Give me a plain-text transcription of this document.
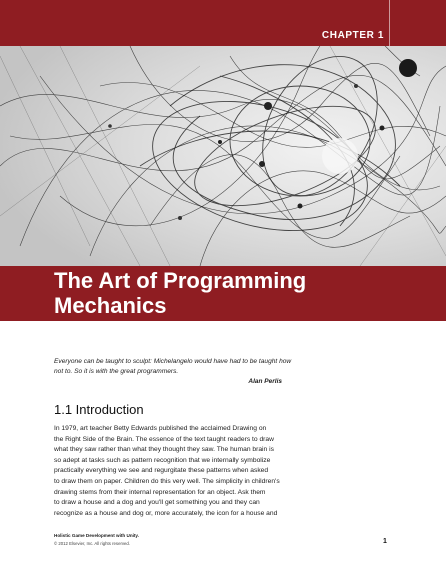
CHAPTER 1
The Art of Programming
Mechanics

Everyone can be taught to sculpt: Michelangelo would have had to be taught how
not to. So it is with the great programmers.

Alan Perlis
1.1 Introduction

In 1979, art teacher Betty Edwards published the acclaimed Drawing on
the Right Side of the Brain. The essence of the text taught readers to draw
what they saw rather than what they thought they saw. The human brain is
so adept at tasks such as pattern recognition that we internally symbolize
practically everything we see and regurgitate these patterns when asked
to draw them on paper. Children do this very well. The simplicity in children's
drawing stems from their internal representation for an object. Ask them
to draw a house and a dog and you'll get something you and they can
recognize as a house and dog or, more accurately, the icon for a house and

Holistic Game Development with Unity.
© 2012 Elsevier, Inc. All rights reserved.	1
